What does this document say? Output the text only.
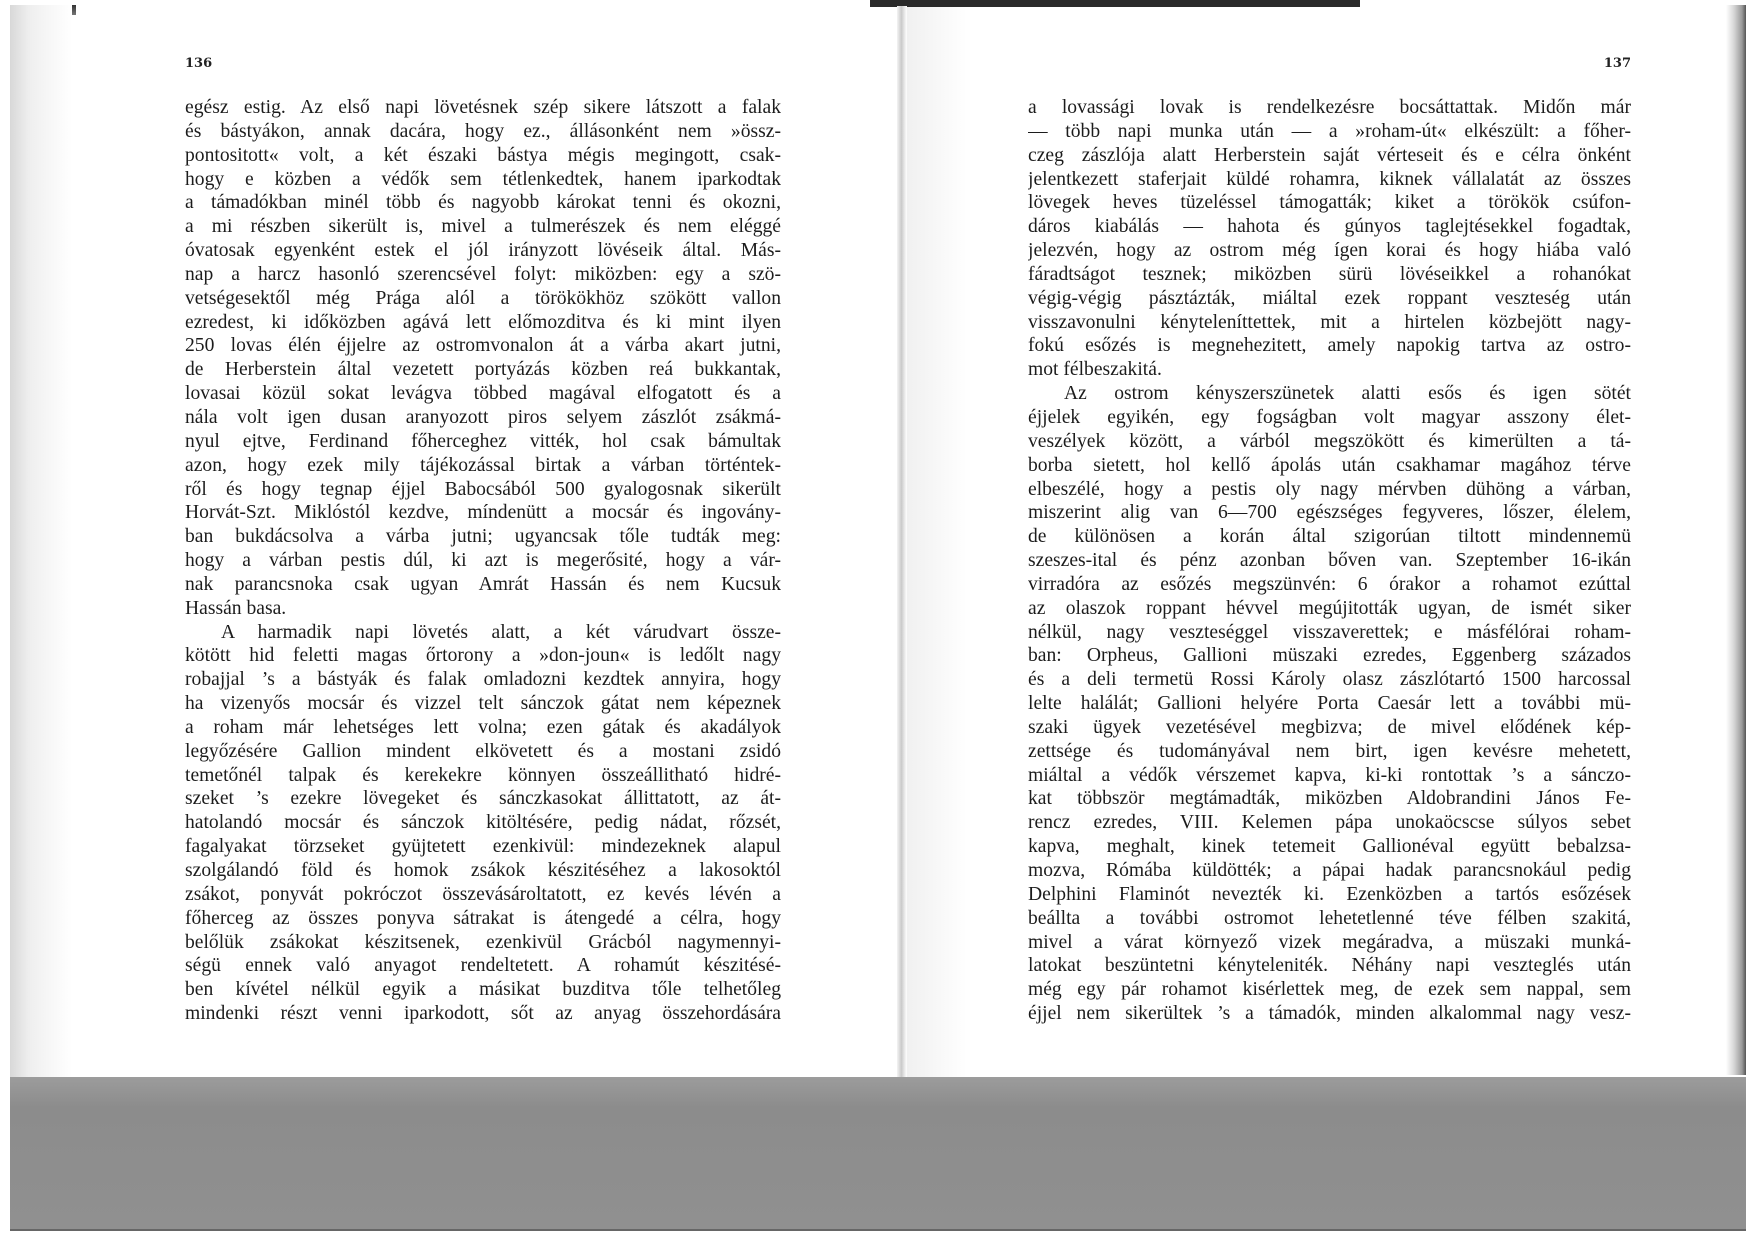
136
egész estig. Az első napi lövetésnek szép sikere látszott a falak
és bástyákon, annak dacára, hogy ez., állásonként nem »össz-
pontositott« volt, a két északi bástya mégis megingott, csak-
hogy e közben a védők sem tétlenkedtek, hanem iparkodtak
a támadókban minél több és nagyobb károkat tenni és okozni,
a mi részben sikerült is, mivel a tulmerészek és nem eléggé
óvatosak egyenként estek el jól irányzott lövéseik által. Más-
nap a harcz hasonló szerencsével folyt: miközben: egy a szö-
vetségesektől még Prága alól a törökökhöz szökött vallon
ezredest, ki időközben agává lett előmozditva és ki mint ilyen
250 lovas élén éjjelre az ostromvonalon át a várba akart jutni,
de Herberstein által vezetett portyázás közben reá bukkantak,
lovasai közül sokat levágva többed magával elfogatott és a
nála volt igen dusan aranyozott piros selyem zászlót zsákmá-
nyul ejtve, Ferdinand főherceghez vitték, hol csak bámultak
azon, hogy ezek mily tájékozással birtak a várban történtek-
ről és hogy tegnap éjjel Babocsából 500 gyalogosnak sikerült
Horvát-Szt. Miklóstól kezdve, míndenütt a mocsár és ingovány-
ban bukdácsolva a várba jutni; ugyancsak tőle tudták meg:
hogy a várban pestis dúl, ki azt is megerősité, hogy a vár-
nak parancsnoka csak ugyan Amrát Hassán és nem Kucsuk
Hassán basa.
A harmadik napi lövetés alatt, a két várudvart össze-
kötött hid feletti magas őrtorony a »don-joun« is ledőlt nagy
robajjal ’s a bástyák és falak omladozni kezdtek annyira, hogy
ha vizenyős mocsár és vizzel telt sánczok gátat nem képeznek
a roham már lehetséges lett volna; ezen gátak és akadályok
legyőzésére Gallion mindent elkövetett és a mostani zsidó
temetőnél talpak és kerekekre könnyen összeállitható hidré-
szeket ’s ezekre lövegeket és sánczkasokat állittatott, az át-
hatolandó mocsár és sánczok kitöltésére, pedig nádat, rőzsét,
fagalyakat törzseket gyüjtetett ezenkivül: mindezeknek alapul
szolgálandó föld és homok zsákok készitéséhez a lakosoktól
zsákot, ponyvát pokróczot összevásároltatott, ez kevés lévén a
főherceg az összes ponyva sátrakat is átengedé a célra, hogy
belőlük zsákokat készitsenek, ezenkivül Grácból nagymennyi-
ségü ennek való anyagot rendeltetett. A rohamút készitésé-
ben kívétel nélkül egyik a másikat buzditva tőle telhetőleg
mindenki részt venni iparkodott, sőt az anyag összehordására
137
a lovassági lovak is rendelkezésre bocsáttattak. Midőn már
— több napi munka után — a »roham-út« elkészült: a főher-
czeg zászlója alatt Herberstein saját vérteseit és e célra önként
jelentkezett staferjait küldé rohamra, kiknek vállalatát az összes
lövegek heves tüzeléssel támogatták; kiket a törökök csúfon-
dáros kiabálás — hahota és gúnyos taglejtésekkel fogadtak,
jelezvén, hogy az ostrom még ígen korai és hogy hiába való
fáradtságot tesznek; miközben sürü lövéseikkel a rohanókat
végig-végig pásztázták, miáltal ezek roppant veszteség után
visszavonulni kényteleníttettek, mit a hirtelen közbejött nagy-
fokú esőzés is megnehezitett, amely napokig tartva az ostro-
mot félbeszakitá.
Az ostrom kényszerszünetek alatti esős és igen sötét
éjjelek egyikén, egy fogságban volt magyar asszony élet-
veszélyek között, a várból megszökött és kimerülten a tá-
borba sietett, hol kellő ápolás után csakhamar magához térve
elbeszélé, hogy a pestis oly nagy mérvben dühöng a várban,
miszerint alig van 6—700 egészséges fegyveres, lőszer, élelem,
de különösen a korán által szigorúan tiltott mindennemü
szeszes-ital és pénz azonban bőven van. Szeptember 16-ikán
virradóra az esőzés megszünvén: 6 órakor a rohamot ezúttal
az olaszok roppant hévvel megújitották ugyan, de ismét siker
nélkül, nagy veszteséggel visszaverettek; e másfélórai roham-
ban: Orpheus, Gallioni müszaki ezredes, Eggenberg százados
és a deli termetü Rossi Károly olasz zászlótartó 1500 harcossal
lelte halálát; Gallioni helyére Porta Caesár lett a további mü-
szaki ügyek vezetésével megbizva; de mivel elődének kép-
zettsége és tudományával nem birt, igen kevésre mehetett,
miáltal a védők vérszemet kapva, ki-ki rontottak ’s a sánczo-
kat többször megtámadták, miközben Aldobrandini János Fe-
rencz ezredes, VIII. Kelemen pápa unokaöcscse súlyos sebet
kapva, meghalt, kinek tetemeit Gallionéval együtt bebalzsa-
mozva, Rómába küldötték; a pápai hadak parancsnokául pedig
Delphini Flaminót nevezték ki. Ezenközben a tartós esőzések
beállta a további ostromot lehetetlenné téve félben szakitá,
mivel a várat környező vizek megáradva, a müszaki munká-
latokat beszüntetni kényteleniték. Néhány napi veszteglés után
még egy pár rohamot kisérlettek meg, de ezek sem nappal, sem
éjjel nem sikerültek ’s a támadók, minden alkalommal nagy vesz-
